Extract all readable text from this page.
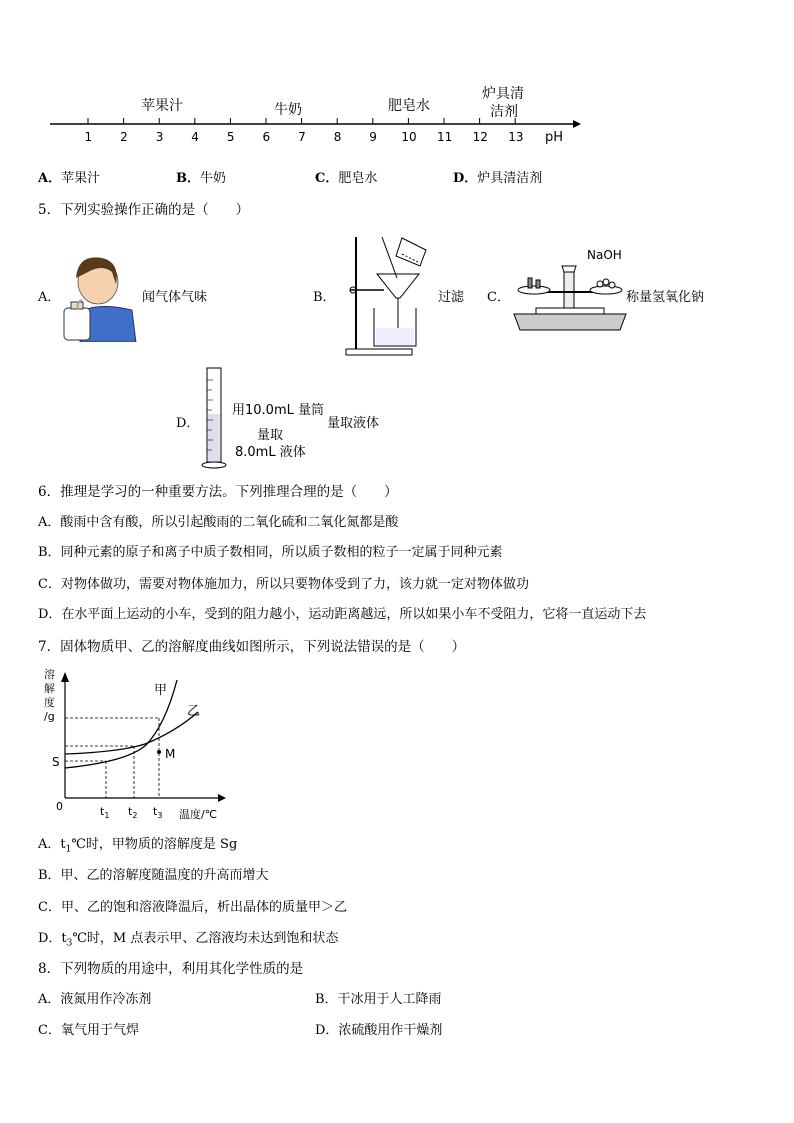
1 2 3 4 5 6 7 8 9 10 11 12 13 pH
苹果汁	牛奶	肥皂水
炉具清
洁剂
A．苹果汁	B．牛奶	C．肥皂水	D．炉具清洁剂
5．下列实验操作正确的是（　　）
A．	闻气体气味	B．	过滤 C．
NaOH
称量氢氧化钠
D．
用10.0mL 量筒
量取
8.0mL 液体
量取液体
6．推理是学习的一种重要方法。下列推理合理的是（　　）
A．酸雨中含有酸，所以引起酸雨的二氧化硫和二氧化氮都是酸
B．同种元素的原子和离子中质子数相同，所以质子数相的粒子一定属于同种元素
C．对物体做功，需要对物体施加力，所以只要物体受到了力，该力就一定对物体做功
D．在水平面上运动的小车，受到的阻力越小，运动距离越远，所以如果小车不受阻力，它将一直运动下去
7．固体物质甲、乙的溶解度曲线如图所示，下列说法错误的是（　　）
溶
解
度
/g
0
S
温度/℃
甲
乙
M
$t_1$ $t_2$ $t_3$
A．$t_1℃$时，甲物质的溶解度是 Sg
B．甲、乙的溶解度随温度的升高而增大
C．甲、乙的饱和溶液降温后，析出晶体的质量甲＞乙
D．$t_3℃$时，M 点表示甲、乙溶液均未达到饱和状态
8．下列物质的用途中，利用其化学性质的是
A．液氮用作冷冻剂	B．干冰用于人工降雨
C．氧气用于气焊	D．浓硫酸用作干燥剂
